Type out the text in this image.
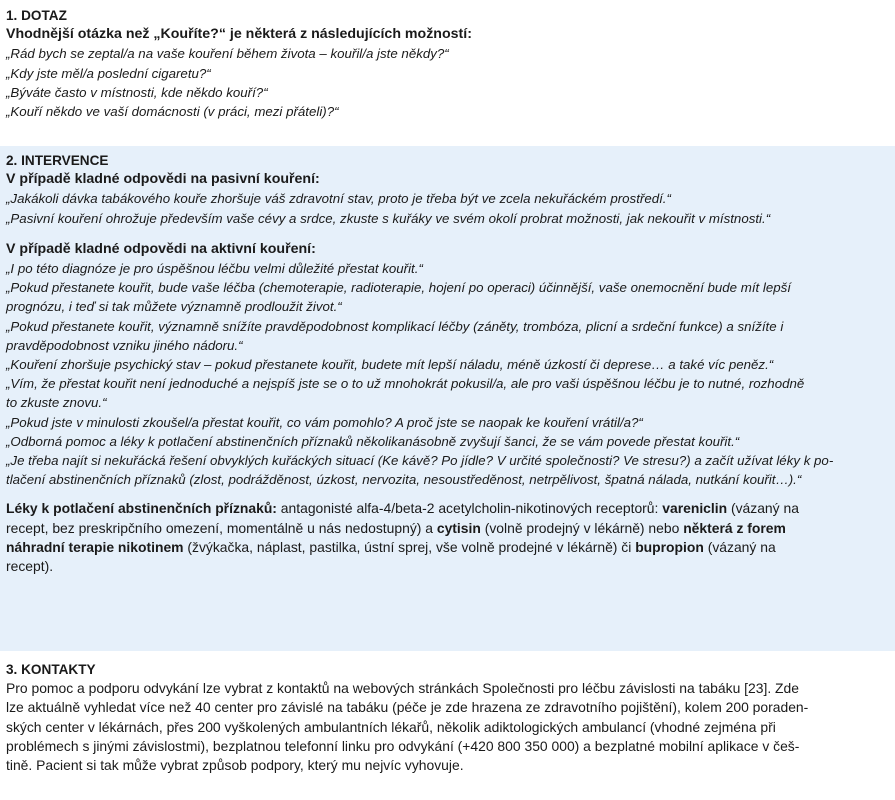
1. DOTAZ
Vhodnější otázka než „Kouříte?“ je některá z následujících možností:
„Rád bych se zeptal/a na vaše kouření během života – kouřil/a jste někdy?“
„Kdy jste měl/a poslední cigaretu?“
„Býváte často v místnosti, kde někdo kouří?“
„Kouří někdo ve vaší domácnosti (v práci, mezi přáteli)?“
2. INTERVENCE
V případě kladné odpovědi na pasivní kouření:
„Jakákoli dávka tabákového kouře zhoršuje váš zdravotní stav, proto je třeba být ve zcela nekuřáckém prostředí.“
„Pasivní kouření ohrožuje především vaše cévy a srdce, zkuste s kuřáky ve svém okolí probrat možnosti, jak nekouřit v místnosti.“
V případě kladné odpovědi na aktivní kouření:
„I po této diagnóze je pro úspěšnou léčbu velmi důležité přestat kouřit.“
„Pokud přestanete kouřit, bude vaše léčba (chemoterapie, radioterapie, hojení po operaci) účinnější, vaše onemocnění bude mít lepší
prognózu, i teď si tak můžete významně prodloužit život.“
„Pokud přestanete kouřit, významně snížíte pravděpodobnost komplikací léčby (záněty, trombóza, plicní a srdeční funkce) a snížíte i
pravděpodobnost vzniku jiného nádoru.“
„Kouření zhoršuje psychický stav – pokud přestanete kouřit, budete mít lepší náladu, méně úzkostí či deprese… a také víc peněz.“
„Vím, že přestat kouřit není jednoduché a nejspíš jste se o to už mnohokrát pokusil/a, ale pro vaši úspěšnou léčbu je to nutné, rozhodně
to zkuste znovu.“
„Pokud jste v minulosti zkoušel/a přestat kouřit, co vám pomohlo? A proč jste se naopak ke kouření vrátil/a?“
„Odborná pomoc a léky k potlačení abstinenčních příznaků několikanásobně zvyšují šanci, že se vám povede přestat kouřit.“
„Je třeba najít si nekuřácká řešení obvyklých kuřáckých situací (Ke kávě? Po jídle? V určité společnosti? Ve stresu?) a začít užívat léky k po-
tlačení abstinenčních příznaků (zlost, podrážděnost, úzkost, nervozita, nesoustředěnost, netrpělivost, špatná nálada, nutkání kouřit…).“
Léky k potlačení abstinenčních příznaků: antagonisté alfa-4/beta-2 acetylcholin-nikotinových receptorů: vareniclin (vázaný na
recept, bez preskripčního omezení, momentálně u nás nedostupný) a cytisin (volně prodejný v lékárně) nebo některá z forem
náhradní terapie nikotinem (žvýkačka, náplast, pastilka, ústní sprej, vše volně prodejné v lékárně) či bupropion (vázaný na
recept).
3. KONTAKTY
Pro pomoc a podporu odvykání lze vybrat z kontaktů na webových stránkách Společnosti pro léčbu závislosti na tabáku [23]. Zde
lze aktuálně vyhledat více než 40 center pro závislé na tabáku (péče je zde hrazena ze zdravotního pojištění), kolem 200 poraden-
ských center v lékárnách, přes 200 vyškolených ambulantních lékařů, několik adiktologických ambulancí (vhodné zejména při
problémech s jinými závislostmi), bezplatnou telefonní linku pro odvykání (+420 800 350 000) a bezplatné mobilní aplikace v češ-
tině. Pacient si tak může vybrat způsob podpory, který mu nejvíc vyhovuje.
